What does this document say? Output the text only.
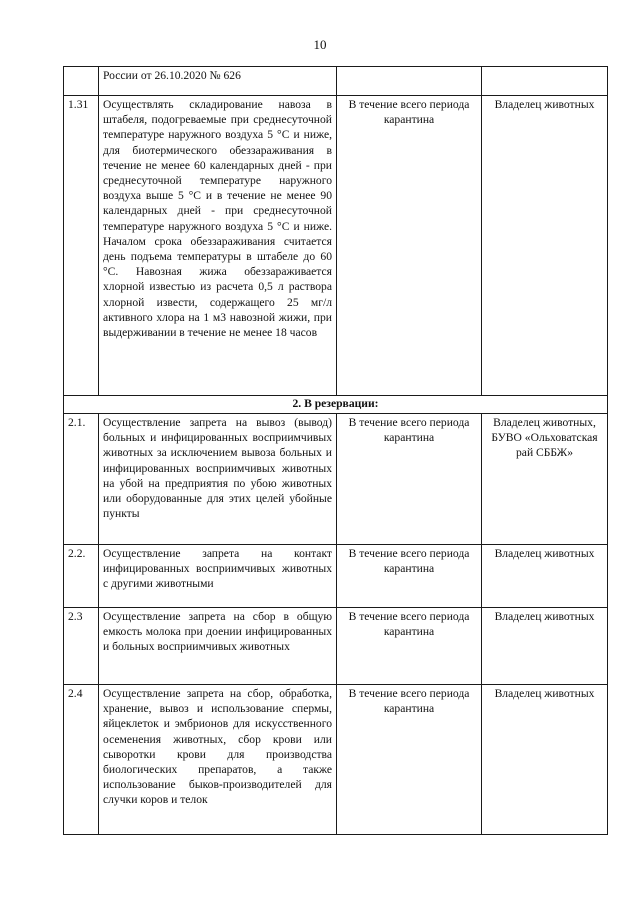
10
	России от 26.10.2020 № 626		
1.31	Осуществлять складирование навоза в штабеля, подогреваемые при среднесуточной температуре наружного воздуха 5 °С и ниже, для биотермического обеззараживания в течение не менее 60 календарных дней - при среднесуточной температуре наружного воздуха выше 5 °С и в течение не менее 90 календарных дней - при среднесуточной температуре наружного воздуха 5 °С и ниже. Началом срока обеззараживания считается день подъема температуры в штабеле до 60 °С. Навозная жижа обеззараживается хлорной известью из расчета 0,5 л раствора хлорной извести, содержащего 25 мг/л активного хлора на 1 м3 навозной жижи, при выдерживании в течение не менее 18 часов	В течение всего периода карантина	Владелец животных
2. В резервации:			
2.1.	Осуществление запрета на вывоз (вывод) больных и инфицированных восприимчивых животных за исключением вывоза больных и инфицированных восприимчивых животных на убой на предприятия по убою животных или оборудованные для этих целей убойные пункты	В течение всего периода карантина	Владелец животных, БУВО «Ольховатская рай СББЖ»
2.2.	Осуществление запрета на контакт инфицированных восприимчивых животных с другими животными	В течение всего периода карантина	Владелец животных
2.3	Осуществление запрета на сбор в общую емкость молока при доении инфицированных и больных восприимчивых животных	В течение всего периода карантина	Владелец животных
2.4	Осуществление запрета на сбор, обработка, хранение, вывоз и использование спермы, яйцеклеток и эмбрионов для искусственного осеменения животных, сбор крови или сыворотки крови для производства биологических препаратов, а также использование быков-производителей для случки коров и телок	В течение всего периода карантина	Владелец животных
